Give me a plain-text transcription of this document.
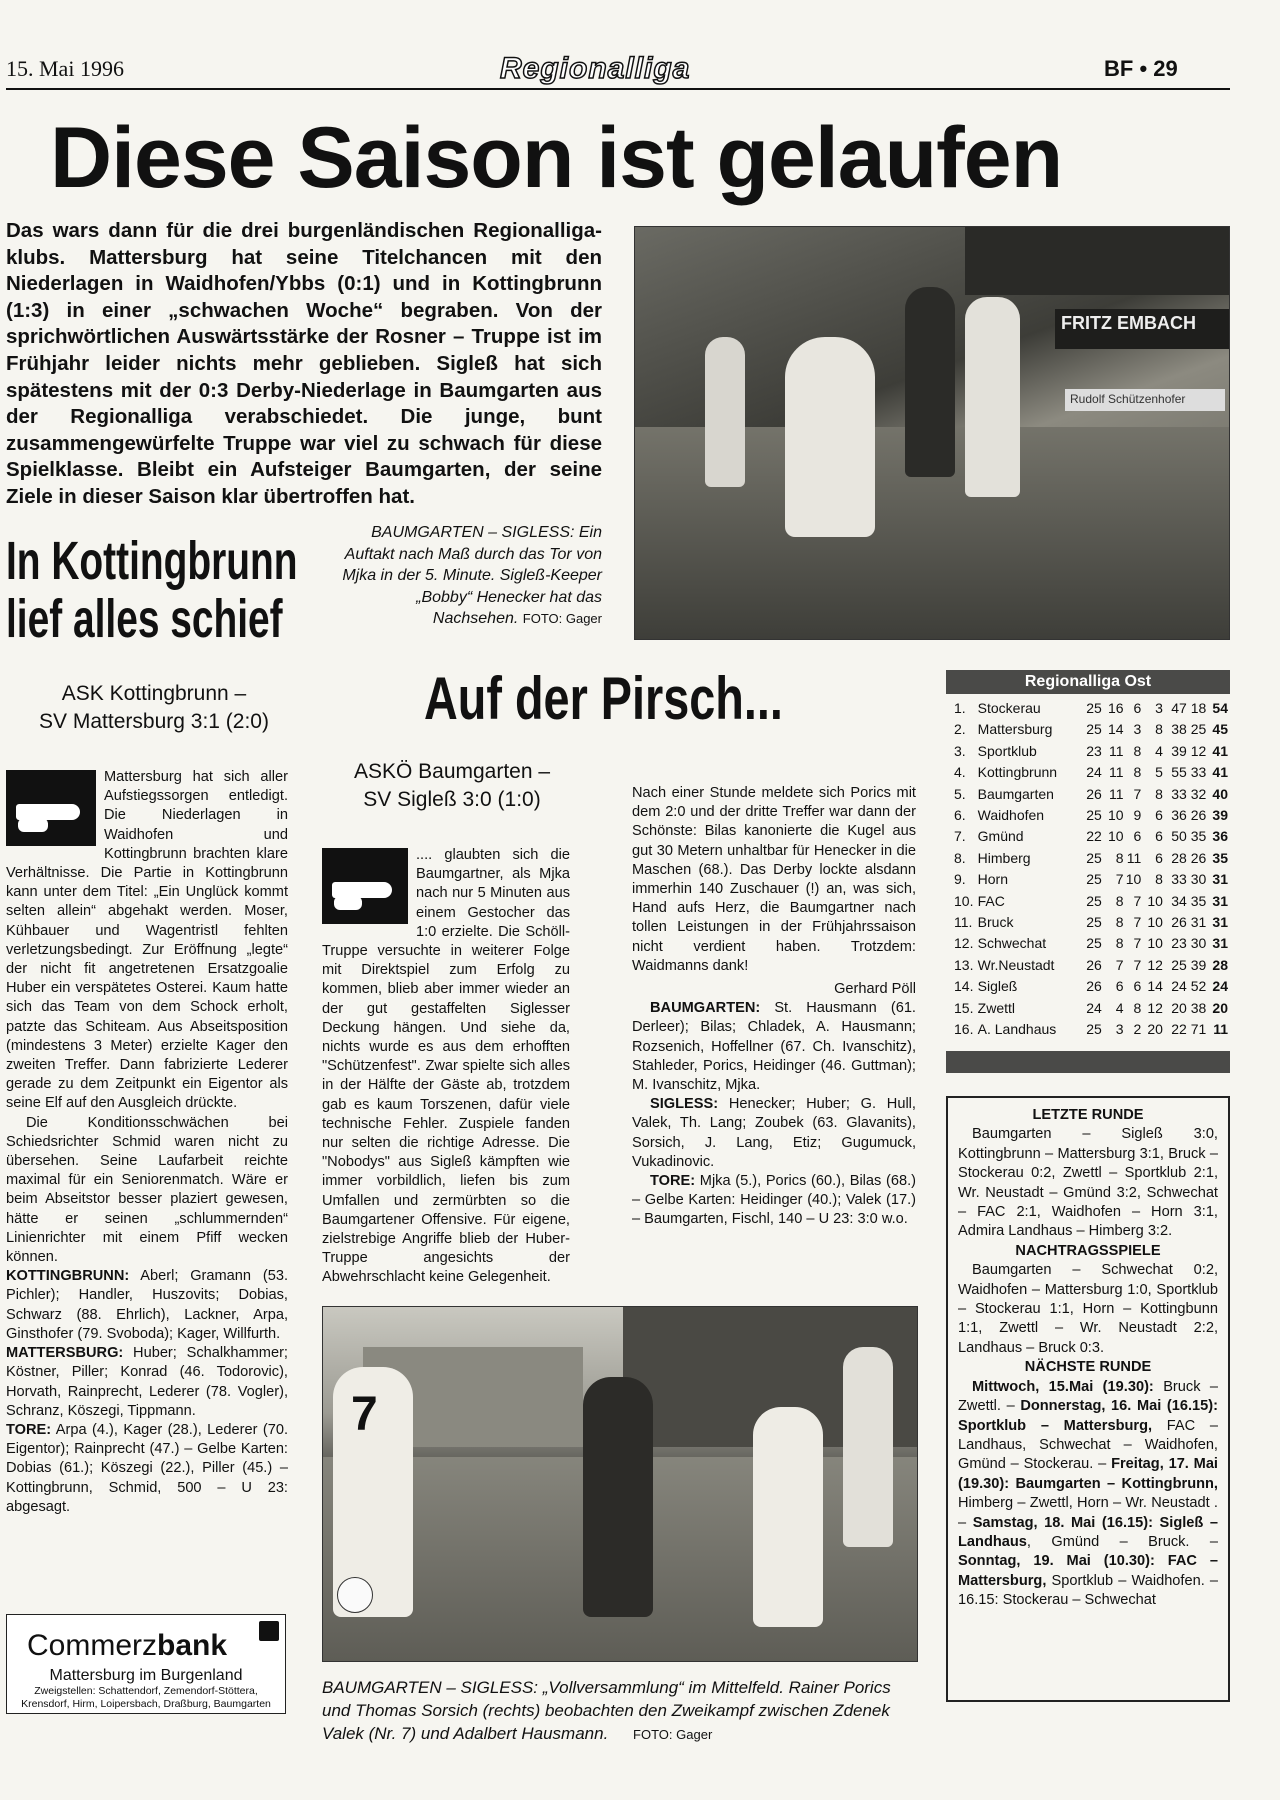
15. Mai 1996	Regionalliga	BF • 29
Diese Saison ist gelaufen
Das wars dann für die drei burgenländischen Regionalligaklubs. Mattersburg hat seine Titelchancen mit den Niederlagen in Waidhofen/Ybbs (0:1) und in Kottingbrunn (1:3) in einer „schwachen Woche“ begraben. Von der sprichwörtlichen Auswärtsstärke der Rosner – Truppe ist im Frühjahr leider nichts mehr geblieben. Sigleß hat sich spätestens mit der 0:3 Derby-Niederlage in Baumgarten aus der Regionalliga verabschiedet. Die junge, bunt zusammengewürfelte Truppe war viel zu schwach für diese Spielklasse. Bleibt ein Aufsteiger Baumgarten, der seine Ziele in dieser Saison klar übertroffen hat.
FRITZ EMBACH
Rudolf Schützenhofer
BAUMGARTEN – SIGLESS: Ein Auftakt nach Maß durch das Tor von Mjka in der 5. Minute. Sigleß-Keeper „Bobby“ Henecker hat das Nachsehen. FOTO: Gager
In Kottingbrunn
lief alles schief
ASK Kottingbrunn –
SV Mattersburg 3:1 (2:0)

Mattersburg hat sich aller Aufstiegssorgen entledigt. Die Niederlagen in Waidhofen und Kottingbrunn brachten klare Verhältnisse. Die Partie in Kottingbrunn kann unter dem Titel: „Ein Unglück kommt selten allein“ abgehakt werden. Moser, Kühbauer und Wagentristl fehlten verletzungsbedingt. Zur Eröffnung „legte“ der nicht fit angetretenen Ersatzgoalie Huber ein verspätetes Osterei. Kaum hatte sich das Team von dem Schock erholt, patzte das Schiteam. Aus Abseitsposition (mindestens 3 Meter) erzielte Kager den zweiten Treffer. Dann fabrizierte Lederer gerade zu dem Zeitpunkt ein Eigentor als seine Elf auf den Ausgleich drückte.

Die Konditionsschwächen bei Schiedsrichter Schmid waren nicht zu übersehen. Seine Laufarbeit reichte maximal für ein Seniorenmatch. Wäre er beim Abseitstor besser plaziert gewesen, hätte er seinen „schlummernden“ Linienrichter mit einem Pfiff wecken können.

KOTTINGBRUNN: Aberl; Gramann (53. Pichler); Handler, Huszovits; Dobias, Schwarz (88. Ehrlich), Lackner, Arpa, Ginsthofer (79. Svoboda); Kager, Willfurth.

MATTERSBURG: Huber; Schalkhammer; Köstner, Piller; Konrad (46. Todorovic), Horvath, Rainprecht, Lederer (78. Vogler), Schranz, Köszegi, Tippmann.

TORE: Arpa (4.), Kager (28.), Lederer (70. Eigentor); Rainprecht (47.) – Gelbe Karten: Dobias (61.); Köszegi (22.), Piller (45.) – Kottingbrunn, Schmid, 500 – U 23: abgesagt.

Commerzbank
Mattersburg im Burgenland
Zweigstellen: Schattendorf, Zemendorf-Stöttera, Krensdorf, Hirm, Loipersbach, Draßburg, Baumgarten
Auf der Pirsch...
ASKÖ Baumgarten –
SV Sigleß 3:0 (1:0)

.... glaubten sich die Baumgartner, als Mjka nach nur 5 Minuten aus einem Gestocher das 1:0 erzielte. Die Schöll-Truppe versuchte in weiterer Folge mit Direktspiel zum Erfolg zu kommen, blieb aber immer wieder an der gut gestaffelten Siglesser Deckung hängen. Und siehe da, nichts wurde es aus dem erhofften "Schützenfest". Zwar spielte sich alles in der Hälfte der Gäste ab, trotzdem gab es kaum Torszenen, dafür viele technische Fehler. Zuspiele fanden nur selten die richtige Adresse. Die "Nobodys" aus Sigleß kämpften wie immer vorbildlich, liefen bis zum Umfallen und zermürbten so die Baumgartener Offensive. Für eigene, zielstrebige Angriffe blieb der Huber-Truppe angesichts der Abwehrschlacht keine Gelegenheit.

Nach einer Stunde meldete sich Porics mit dem 2:0 und der dritte Treffer war dann der Schönste: Bilas kanonierte die Kugel aus gut 30 Metern unhaltbar für Henecker in die Maschen (68.). Das Derby lockte alsdann immerhin 140 Zuschauer (!) an, was sich, Hand aufs Herz, die Baumgartner nach tollen Leistungen in der Frühjahrssaison nicht verdient haben. Trotzdem: Waidmanns dank!

Gerhard Pöll

BAUMGARTEN: St. Hausmann (61. Derleer); Bilas; Chladek, A. Hausmann; Rozsenich, Hoffellner (67. Ch. Ivanschitz), Stahleder, Porics, Heidinger (46. Guttman); M. Ivanschitz, Mjka.

SIGLESS: Henecker; Huber; G. Hull, Valek, Th. Lang; Zoubek (63. Glavanits), Sorsich, J. Lang, Etiz; Gugumuck, Vukadinovic.

TORE: Mjka (5.), Porics (60.), Bilas (68.) – Gelbe Karten: Heidinger (40.); Valek (17.) – Baumgarten, Fischl, 140 – U 23: 3:0 w.o.

7
BAUMGARTEN – SIGLESS: „Vollversammlung“ im Mittelfeld. Rainer Porics und Thomas Sorsich (rechts) beobachten den Zweikampf zwischen Zdenek Valek (Nr. 7) und Adalbert Hausmann. FOTO: Gager
Regionalliga Ost
1. Stockerau	25 16 6 3 47 18 54
2. Mattersburg	25 14 3 8 38 25 45
3. Sportklub	23 11 8 4 39 12 41
4. Kottingbrunn	24 11 8 5 55 33 41
5. Baumgarten	26 11 7 8 33 32 40
6. Waidhofen	25 10 9 6 36 26 39
7. Gmünd	22 10 6 6 50 35 36
8. Himberg	25 8 11 6 28 26 35
9. Horn	25 7 10 8 33 30 31
10. FAC	25 8 7 10 34 35 31
11. Bruck	25 8 7 10 26 31 31
12. Schwechat	25 8 7 10 23 30 31
13. Wr.Neustadt	26 7 7 12 25 39 28
14. Sigleß	26 6 6 14 24 52 24
15. Zwettl	24 4 8 12 20 38 20
16. A. Landhaus	25 3 2 20 22 71 11
LETZTE RUNDE

Baumgarten – Sigleß 3:0, Kottingbrunn – Mattersburg 3:1, Bruck – Stockerau 0:2, Zwettl – Sportklub 2:1, Wr. Neustadt – Gmünd 3:2, Schwechat – FAC 2:1, Waidhofen – Horn 3:1, Admira Landhaus – Himberg 3:2.

NACHTRAGSSPIELE

Baumgarten – Schwechat 0:2, Waidhofen – Mattersburg 1:0, Sportklub – Stockerau 1:1, Horn – Kottingbunn 1:1, Zwettl – Wr. Neustadt 2:2, Landhaus – Bruck 0:3.

NÄCHSTE RUNDE

Mittwoch, 15.Mai (19.30): Bruck – Zwettl. – Donnerstag, 16. Mai (16.15): Sportklub – Mattersburg, FAC – Landhaus, Schwechat – Waidhofen, Gmünd – Stockerau. – Freitag, 17. Mai (19.30): Baumgarten – Kottingbrunn, Himberg – Zwettl, Horn – Wr. Neustadt . – Samstag, 18. Mai (16.15): Sigleß – Landhaus, Gmünd – Bruck. – Sonntag, 19. Mai (10.30): FAC – Mattersburg, Sportklub – Waidhofen. – 16.15: Stockerau – Schwechat
